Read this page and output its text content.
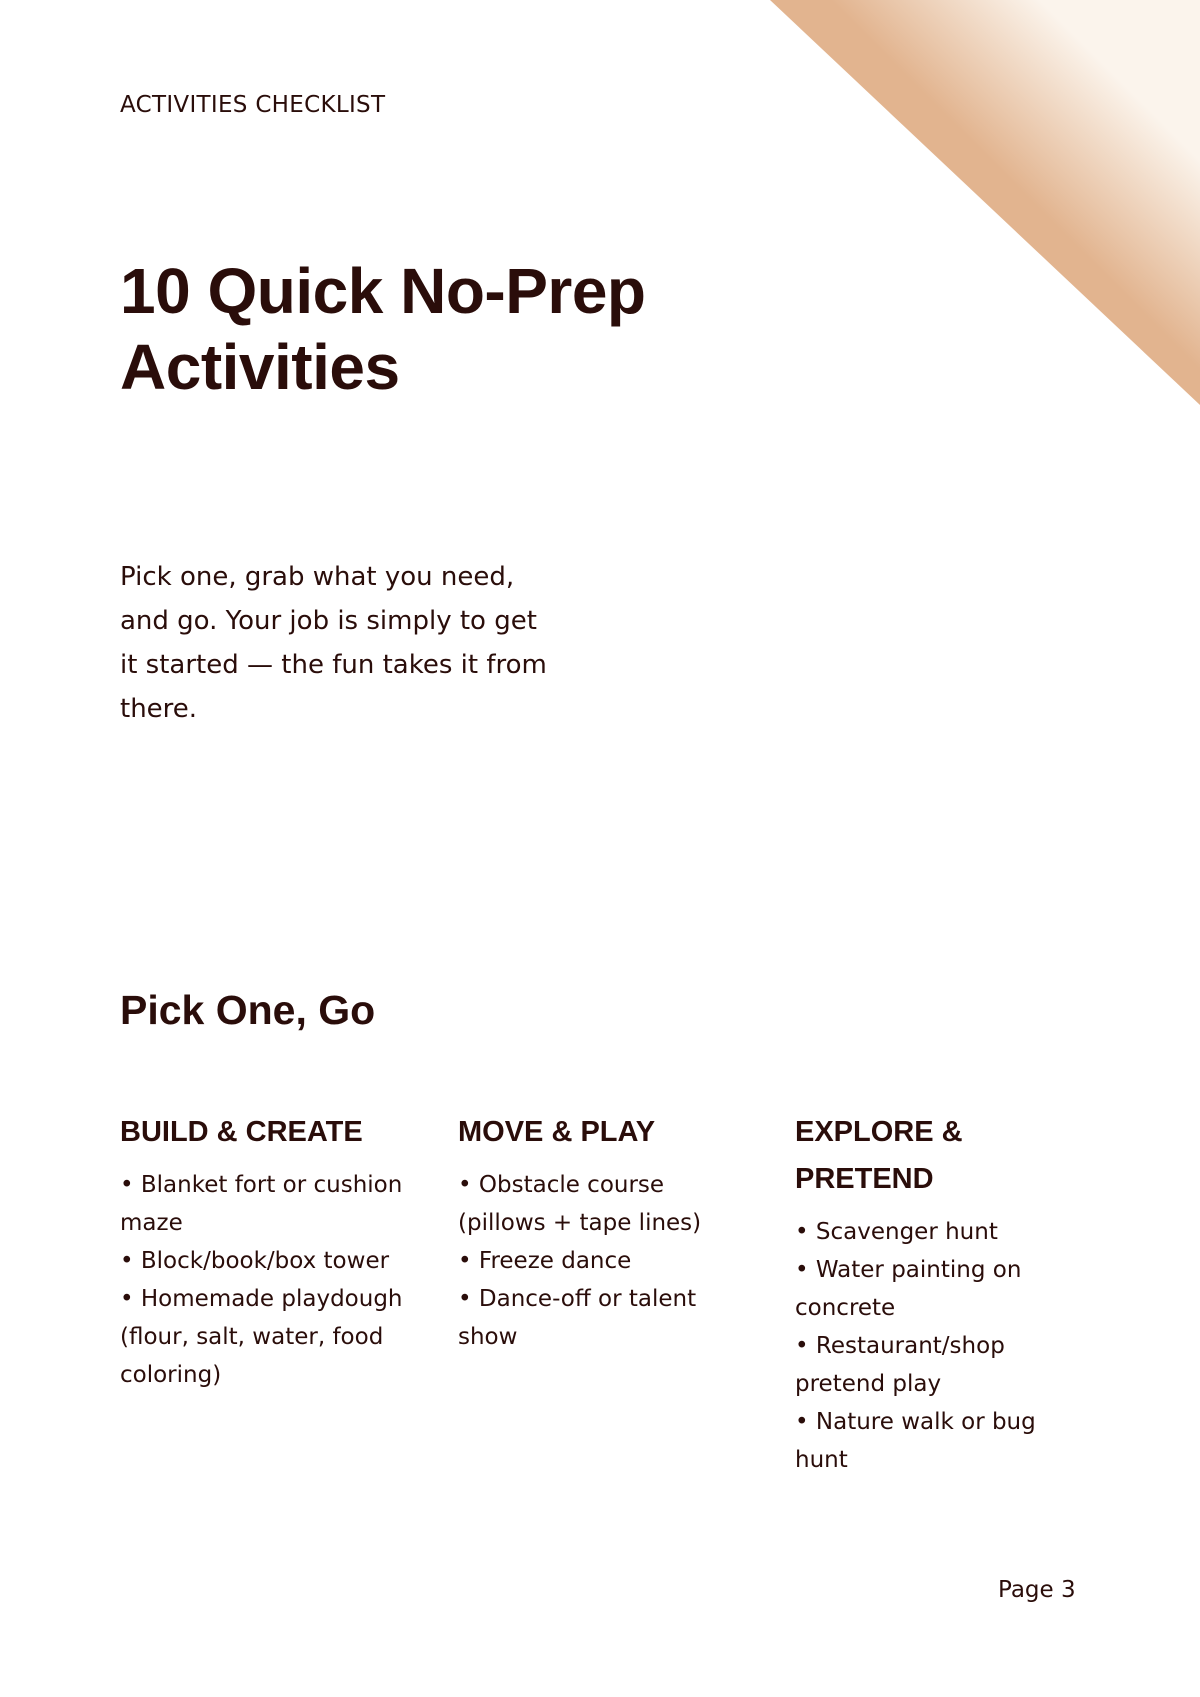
ACTIVITIES CHECKLIST
10 Quick No-Prep Activities

Pick one, grab what you need, and go. Your job is simply to get it started — the fun takes it from there.

Pick One, Go
BUILD & CREATE
• Blanket fort or cushion maze
• Block/book/box tower
• Homemade playdough (flour, salt, water, food coloring)
MOVE & PLAY
• Obstacle course (pillows + tape lines)
• Freeze dance
• Dance-off or talent show
EXPLORE & PRETEND
• Scavenger hunt
• Water painting on concrete
• Restaurant/shop pretend play
• Nature walk or bug hunt
Page 3
